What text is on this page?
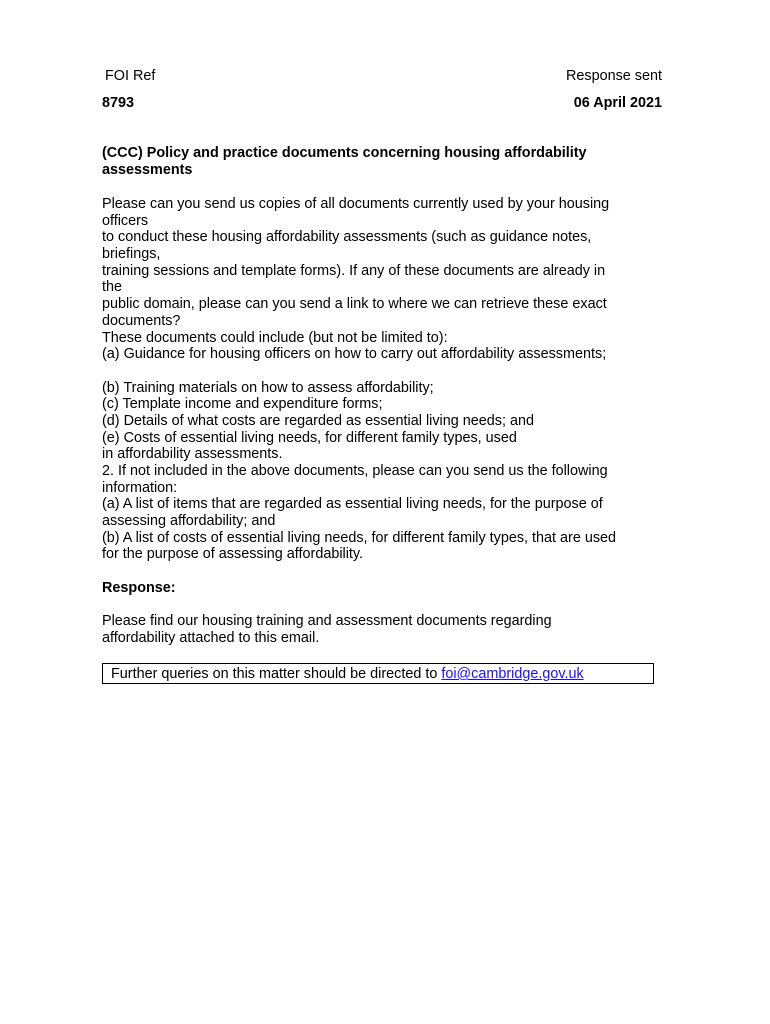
FOI Ref	Response sent
8793	06 April 2021
(CCC) Policy and practice documents concerning housing affordability
assessments
Please can you send us copies of all documents currently used by your housing
officers
to conduct these housing affordability assessments (such as guidance notes,
briefings,
training sessions and template forms). If any of these documents are already in
the
public domain, please can you send a link to where we can retrieve these exact
documents?
These documents could include (but not be limited to):
(a) Guidance for housing officers on how to carry out affordability assessments;
(b) Training materials on how to assess affordability;
(c) Template income and expenditure forms;
(d) Details of what costs are regarded as essential living needs; and
(e) Costs of essential living needs, for different family types, used
in affordability assessments.
2. If not included in the above documents, please can you send us the following
information:
(a) A list of items that are regarded as essential living needs, for the purpose of
assessing affordability; and
(b) A list of costs of essential living needs, for different family types, that are used
for the purpose of assessing affordability.
Response:
Please find our housing training and assessment documents regarding
affordability attached to this email.
Further queries on this matter should be directed to foi@cambridge.gov.uk
